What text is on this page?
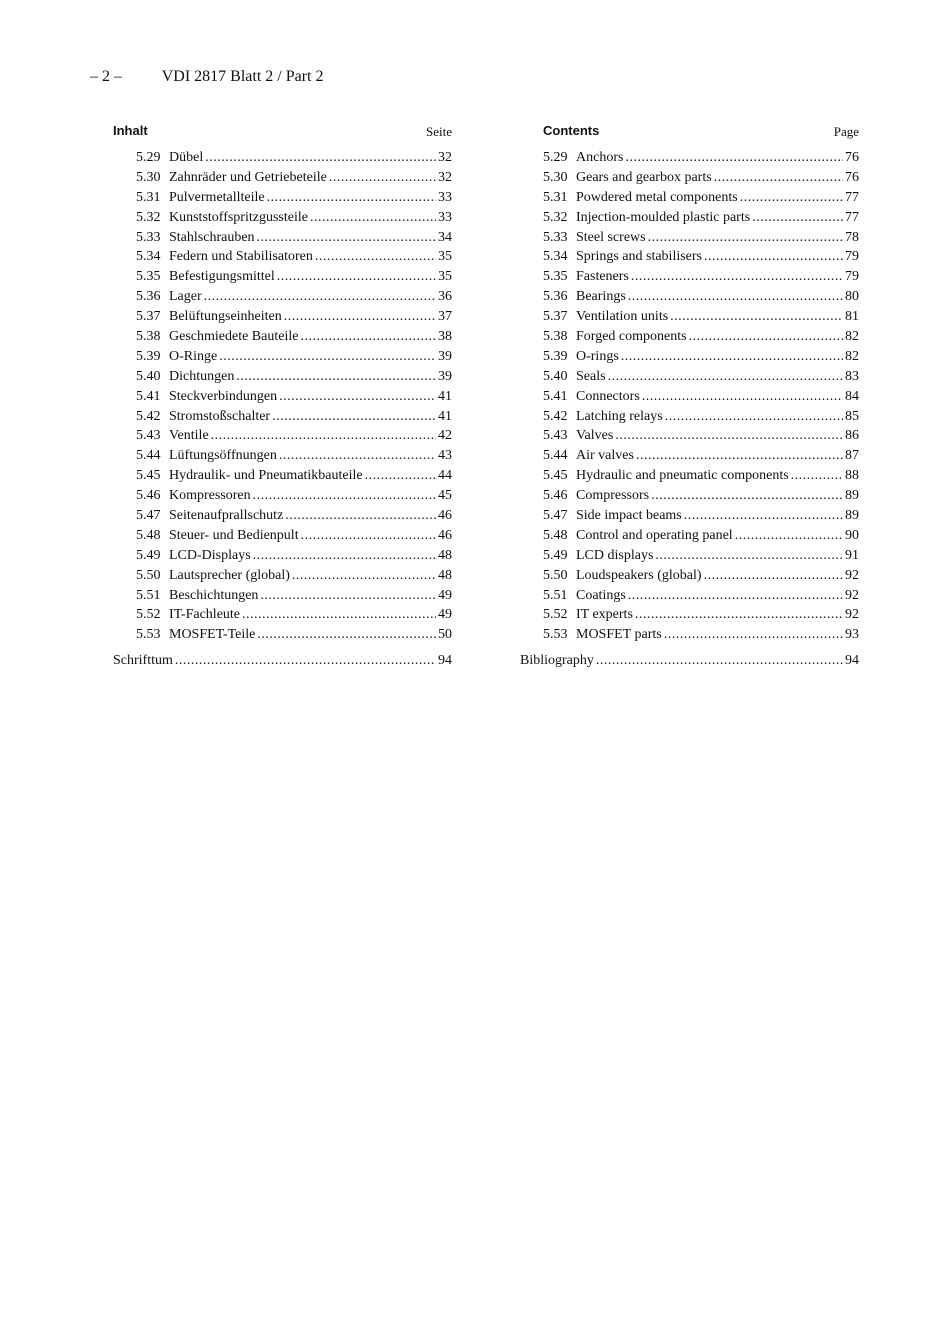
– 2 – VDI 2817 Blatt 2 / Part 2
Inhalt	Seite
5.29 Dübel .....	32
5.30 Zahnräder und Getriebeteile .....	32
5.31 Pulvermetallteile .....	33
5.32 Kunststoffspritzgussteile .....	33
5.33 Stahlschrauben .....	34
5.34 Federn und Stabilisatoren .....	35
5.35 Befestigungsmittel .....	35
5.36 Lager .....	36
5.37 Belüftungseinheiten .....	37
5.38 Geschmiedete Bauteile .....	38
5.39 O-Ringe .....	39
5.40 Dichtungen .....	39
5.41 Steckverbindungen .....	41
5.42 Stromstoßschalter .....	41
5.43 Ventile .....	42
5.44 Lüftungsöffnungen .....	43
5.45 Hydraulik- und Pneumatikbauteile .....	44
5.46 Kompressoren .....	45
5.47 Seitenaufprallschutz .....	46
5.48 Steuer- und Bedienpult .....	46
5.49 LCD-Displays .....	48
5.50 Lautsprecher (global) .....	48
5.51 Beschichtungen .....	49
5.52 IT-Fachleute .....	49
5.53 MOSFET-Teile .....	50
Schrifttum .....	94
Contents	Page
5.29 Anchors .....	76
5.30 Gears and gearbox parts .....	76
5.31 Powdered metal components .....	77
5.32 Injection-moulded plastic parts .....	77
5.33 Steel screws .....	78
5.34 Springs and stabilisers .....	79
5.35 Fasteners .....	79
5.36 Bearings .....	80
5.37 Ventilation units .....	81
5.38 Forged components .....	82
5.39 O-rings .....	82
5.40 Seals .....	83
5.41 Connectors .....	84
5.42 Latching relays .....	85
5.43 Valves .....	86
5.44 Air valves .....	87
5.45 Hydraulic and pneumatic components .....	88
5.46 Compressors .....	89
5.47 Side impact beams .....	89
5.48 Control and operating panel .....	90
5.49 LCD displays .....	91
5.50 Loudspeakers (global) .....	92
5.51 Coatings .....	92
5.52 IT experts .....	92
5.53 MOSFET parts .....	93
Bibliography .....	94
